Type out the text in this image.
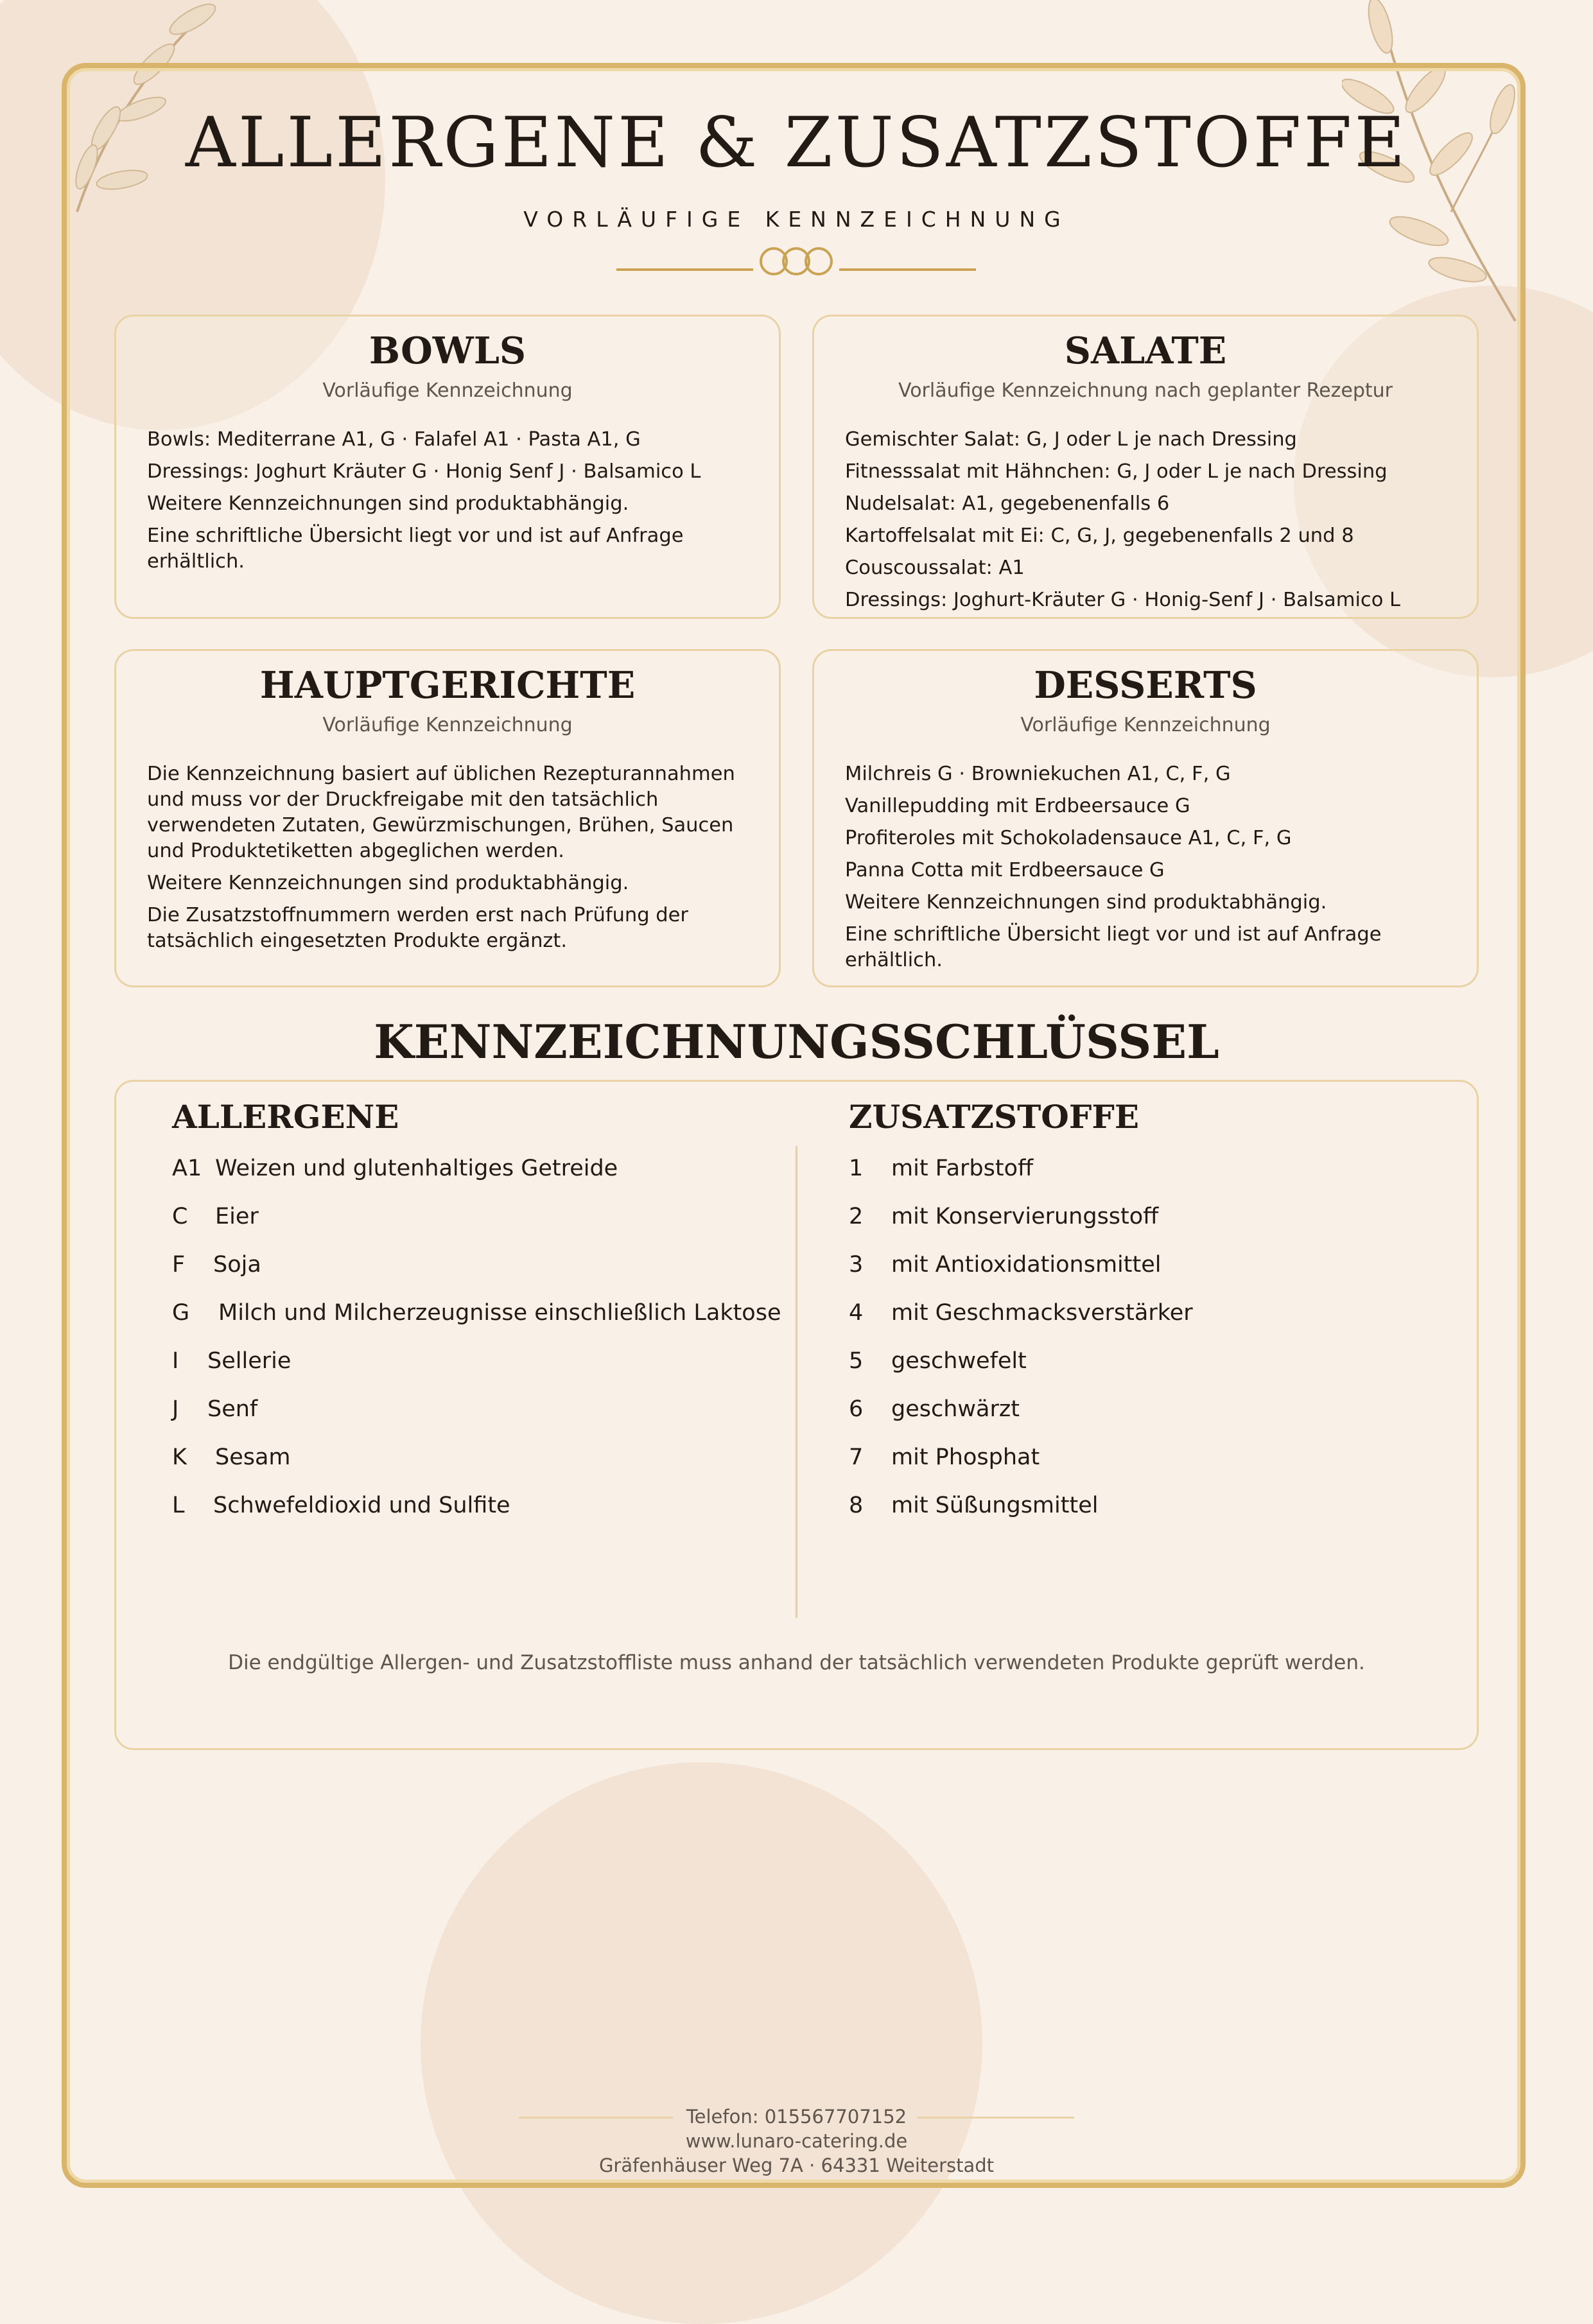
ALLERGENE & ZUSATZSTOFFE
VORLÄUFIGE KENNZEICHNUNG
BOWLS
Vorläufige Kennzeichnung
Bowls: Mediterrane A1, G · Falafel A1 · Pasta A1, G
Dressings: Joghurt Kräuter G · Honig Senf J · Balsamico L
Weitere Kennzeichnungen sind produktabhängig.
Eine schriftliche Übersicht liegt vor und ist auf Anfrage erhältlich.
SALATE
Vorläufige Kennzeichnung nach geplanter Rezeptur
Gemischter Salat: G, J oder L je nach Dressing
Fitnesssalat mit Hähnchen: G, J oder L je nach Dressing
Nudelsalat: A1, gegebenenfalls 6
Kartoffelsalat mit Ei: C, G, J, gegebenenfalls 2 und 8
Couscoussalat: A1
Dressings: Joghurt-Kräuter G · Honig-Senf J · Balsamico L
HAUPTGERICHTE
Vorläufige Kennzeichnung
Die Kennzeichnung basiert auf üblichen Rezepturannahmen und muss vor der Druckfreigabe mit den tatsächlich verwendeten Zutaten, Gewürzmischungen, Brühen, Saucen und Produktetiketten abgeglichen werden.
Weitere Kennzeichnungen sind produktabhängig.
Die Zusatzstoffnummern werden erst nach Prüfung der tatsächlich eingesetzten Produkte ergänzt.
DESSERTS
Vorläufige Kennzeichnung
Milchreis G · Browniekuchen A1, C, F, G
Vanillepudding mit Erdbeersauce G
Profiteroles mit Schokoladensauce A1, C, F, G
Panna Cotta mit Erdbeersauce G
Weitere Kennzeichnungen sind produktabhängig.
Eine schriftliche Übersicht liegt vor und ist auf Anfrage erhältlich.
KENNZEICHNUNGSSCHLÜSSEL
ALLERGENE	ZUSATZSTOFFE
A1 Weizen und glutenhaltiges Getreide
C	Eier
F	Soja
G	Milch und Milcherzeugnisse einschließlich Laktose
I	Sellerie
J	Senf
K	Sesam
L	Schwefeldioxid und Sulfite
1	mit Farbstoff
2	mit Konservierungsstoff
3	mit Antioxidationsmittel
4	mit Geschmacksverstärker
5	geschwefelt
6	geschwärzt
7	mit Phosphat
8	mit Süßungsmittel
Die endgültige Allergen- und Zusatzstoffliste muss anhand der tatsächlich verwendeten Produkte geprüft werden.
Telefon: 015567707152
www.lunaro-catering.de
Gräfenhäuser Weg 7A · 64331 Weiterstadt
